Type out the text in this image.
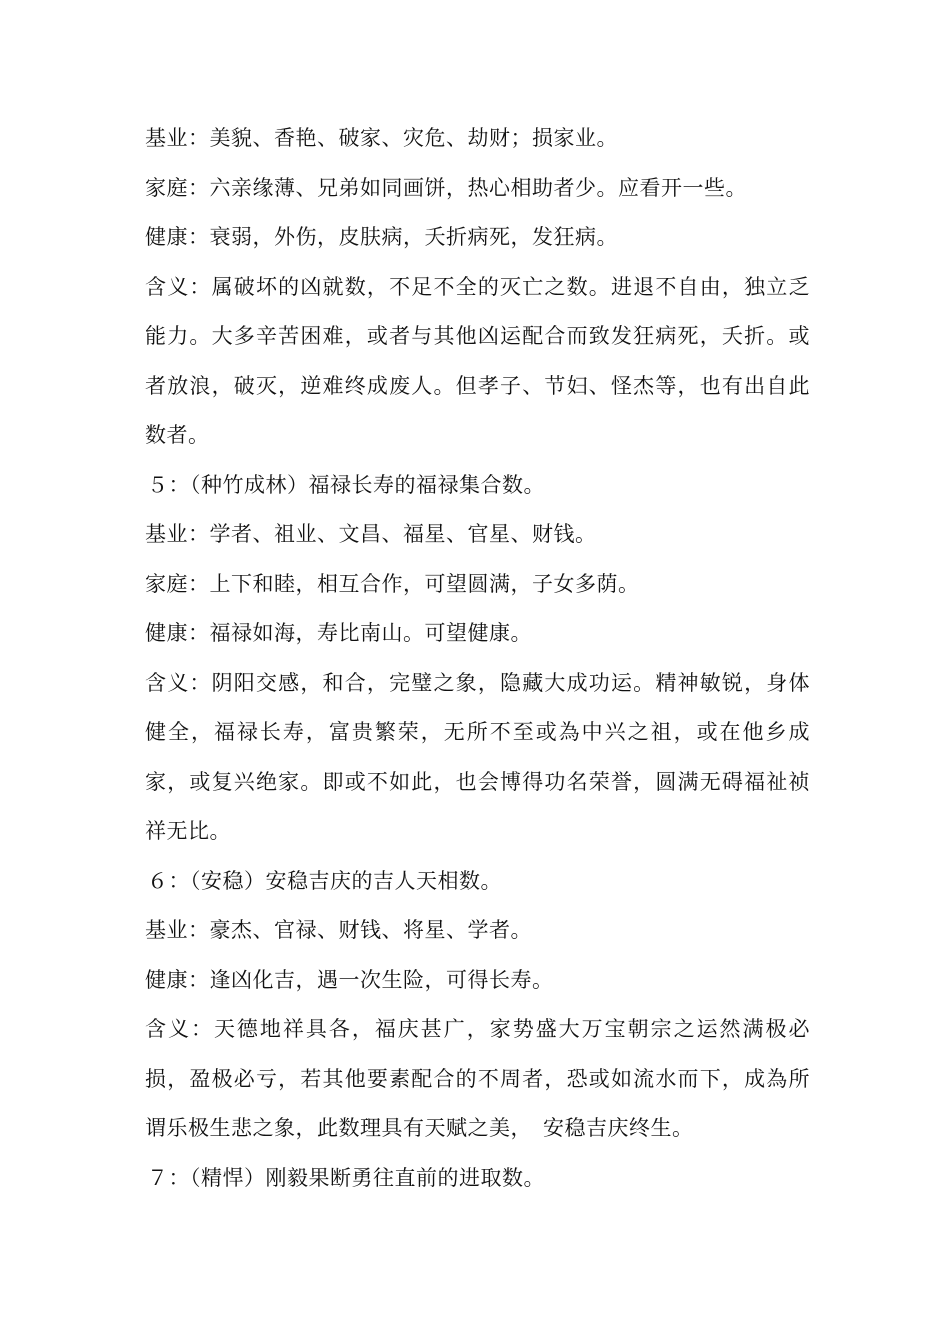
基业：美貌、香艳、破家、灾危、劫财；损家业。

家庭：六亲缘薄、兄弟如同画饼，热心相助者少。应看开一些。

健康：衰弱，外伤，皮肤病，夭折病死，发狂病。

含义：属破坏的凶就数，不足不全的灭亡之数。进退不自由，独立乏能力。大多辛苦困难，或者与其他凶运配合而致发狂病死，夭折。或者放浪，破灭，逆难终成废人。但孝子、节妇、怪杰等，也有出自此数者。

５：（种竹成林）福禄长寿的福禄集合数。

基业：学者、祖业、文昌、福星、官星、财钱。

家庭：上下和睦，相互合作，可望圆满，子女多荫。

健康：福禄如海，寿比南山。可望健康。

含义：阴阳交感，和合，完璧之象，隐藏大成功运。精神敏锐，身体健全，福禄长寿，富贵繁荣，无所不至或為中兴之祖，或在他乡成家，或复兴绝家。即或不如此，也会博得功名荣誉，圆满无碍福祉祯祥无比。

６：（安稳）安稳吉庆的吉人天相数。

基业：豪杰、官禄、财钱、将星、学者。

健康：逢凶化吉，遇一次生险，可得长寿。

含义：天德地祥具各，福庆甚广，家势盛大万宝朝宗之运然满极必损，盈极必亏，若其他要素配合的不周者，恐或如流水而下，成為所谓乐极生悲之象，此数理具有天赋之美，　安稳吉庆终生。

７：（精悍）刚毅果断勇往直前的进取数。
